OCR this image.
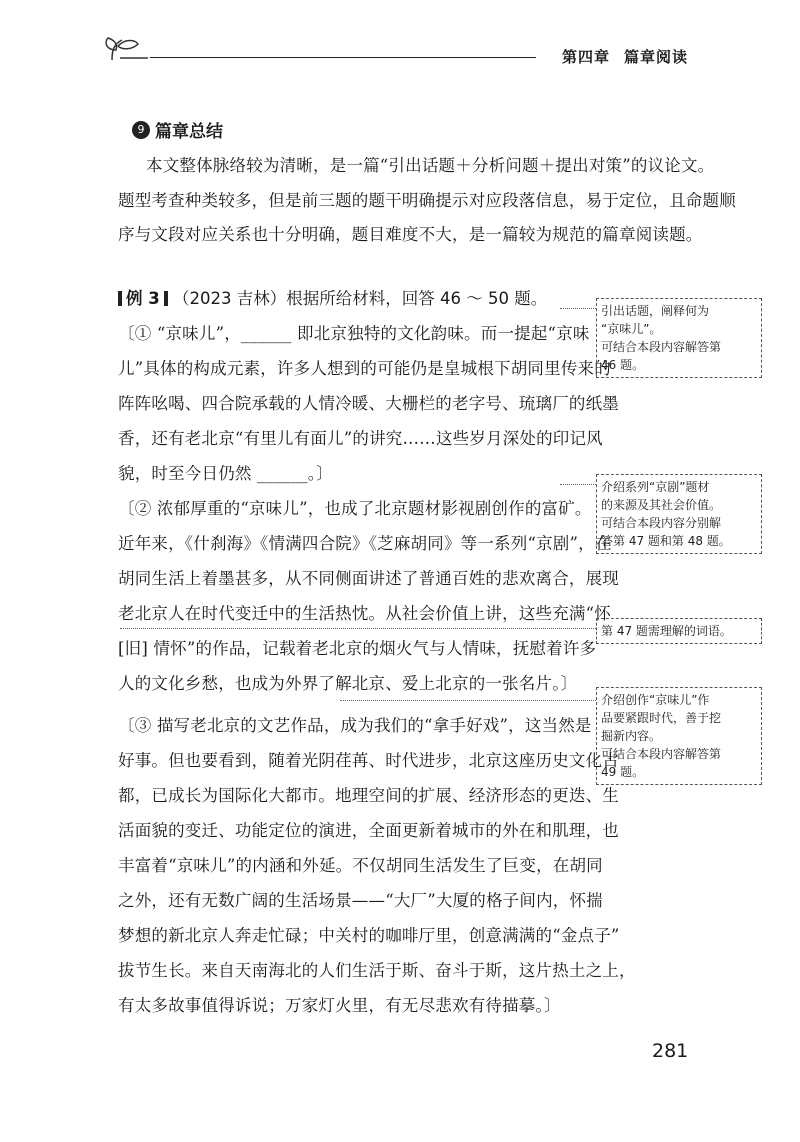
第四章 篇章阅读
9 篇章总结
本文整体脉络较为清晰，是一篇“引出话题＋分析问题＋提出对策”的议论文。
题型考查种类较多，但是前三题的题干明确提示对应段落信息，易于定位，且命题顺
序与文段对应关系也十分明确，题目难度不大，是一篇较为规范的篇章阅读题。
例 3 （2023 吉林）根据所给材料，回答 46 ～ 50 题。
〔① “京味儿”，______ 即北京独特的文化韵味。而一提起“京味
儿”具体的构成元素，许多人想到的可能仍是皇城根下胡同里传来的
阵阵吆喝、四合院承载的人情冷暖、大栅栏的老字号、琉璃厂的纸墨
香，还有老北京“有里儿有面儿”的讲究……这些岁月深处的印记风
貌，时至今日仍然 ______。〕
〔② 浓郁厚重的“京味儿”，也成了北京题材影视剧创作的富矿。
近年来，《什刹海》《情满四合院》《芝麻胡同》等一系列“京剧”，在
胡同生活上着墨甚多，从不同侧面讲述了普通百姓的悲欢离合，展现
老北京人在时代变迁中的生活热忱。从社会价值上讲，这些充满“怀
[旧] 情怀”的作品，记载着老北京的烟火气与人情味，抚慰着许多
人的文化乡愁，也成为外界了解北京、爱上北京的一张名片。〕
〔③ 描写老北京的文艺作品，成为我们的“拿手好戏”，这当然是
好事。但也要看到，随着光阴荏苒、时代进步，北京这座历史文化古
都，已成长为国际化大都市。地理空间的扩展、经济形态的更迭、生
活面貌的变迁、功能定位的演进，全面更新着城市的外在和肌理，也
丰富着“京味儿”的内涵和外延。不仅胡同生活发生了巨变，在胡同
之外，还有无数广阔的生活场景——“大厂”大厦的格子间内，怀揣
梦想的新北京人奔走忙碌；中关村的咖啡厅里，创意满满的“金点子”
拔节生长。来自天南海北的人们生活于斯、奋斗于斯，这片热土之上，
有太多故事值得诉说；万家灯火里，有无尽悲欢有待描摹。〕
引出话题，阐释何为
“京味儿”。
可结合本段内容解答第
46 题。
介绍系列“京剧”题材
的来源及其社会价值。
可结合本段内容分别解
答第 47 题和第 48 题。
第 47 题需理解的词语。
介绍创作“京味儿”作
品要紧跟时代，善于挖
掘新内容。
可结合本段内容解答第
49 题。
281
